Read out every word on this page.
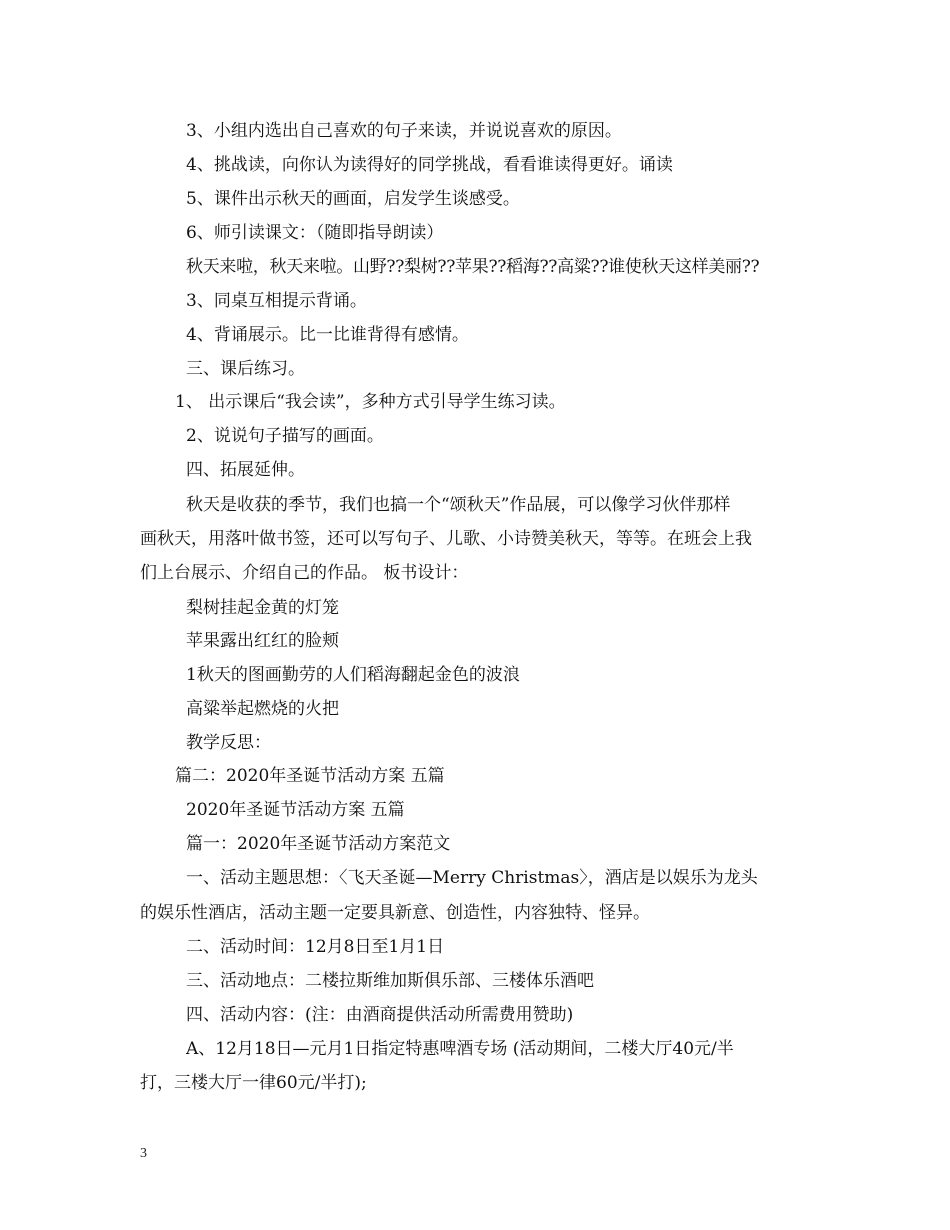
3、小组内选出自己喜欢的句子来读，并说说喜欢的原因。
4、挑战读，向你认为读得好的同学挑战，看看谁读得更好。诵读
5、课件出示秋天的画面，启发学生谈感受。
6、师引读课文：（随即指导朗读）
秋天来啦，秋天来啦。山野??梨树??苹果??稻海??高粱??谁使秋天这样美丽??
3、同桌互相提示背诵。
4、背诵展示。比一比谁背得有感情。
三、课后练习。
1、 出示课后“我会读”，多种方式引导学生练习读。
2、说说句子描写的画面。
四、拓展延伸。
秋天是收获的季节，我们也搞一个“颂秋天”作品展，可以像学习伙伴那样
画秋天，用落叶做书签，还可以写句子、儿歌、小诗赞美秋天，等等。在班会上我
们上台展示、介绍自己的作品。 板书设计：
梨树挂起金黄的灯笼
苹果露出红红的脸颊
1秋天的图画勤劳的人们稻海翻起金色的波浪
高粱举起燃烧的火把
教学反思：
篇二：2020年圣诞节活动方案 五篇
2020年圣诞节活动方案 五篇
篇一：2020年圣诞节活动方案范文
一、活动主题思想：〈飞天圣诞—Merry Christmas〉，酒店是以娱乐为龙头
的娱乐性酒店，活动主题一定要具新意、创造性，内容独特、怪异。
二、活动时间：12月8日至1月1日
三、活动地点：二楼拉斯维加斯俱乐部、三楼体乐酒吧
四、活动内容：(注：由酒商提供活动所需费用赞助)
A、12月18日—元月1日指定特惠啤酒专场 (活动期间，二楼大厅40元/半
打，三楼大厅一律60元/半打);
3
